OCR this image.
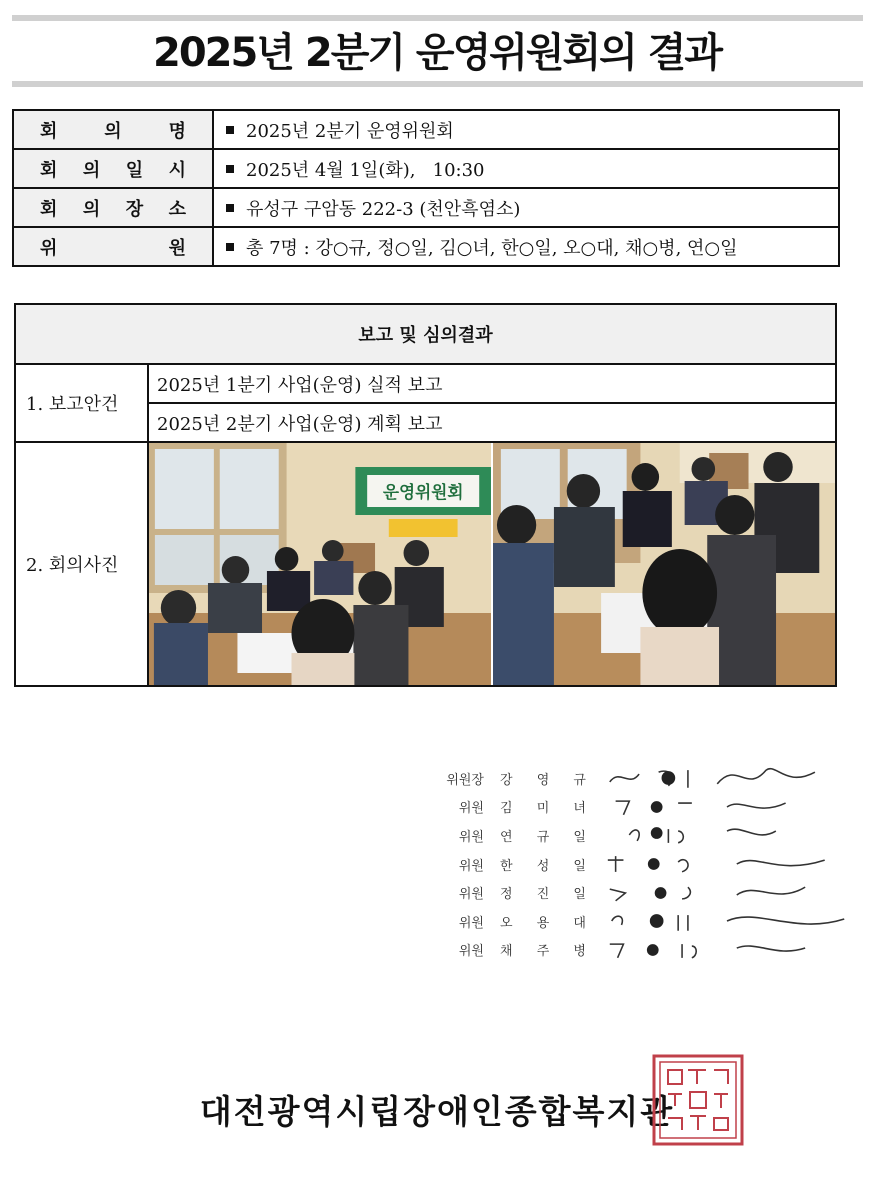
2025년 2분기 운영위원회의 결과
회 의 명	2025년 2분기 운영위원회
회 의 일 시	2025년 4월 1일(화),   10:30
회 의 장 소	유성구 구암동 222-3 (천안흑염소)
위 원	총 7명 : 강○규, 정○일, 김○녀, 한○일, 오○대, 채○병, 연○일
보고 및 심의결과	
1. 보고안건	2025년 1분기 사업(운영) 실적 보고
	2025년 2분기 사업(운영) 계획 보고
2. 회의사진	운영위원회
위원장	강 영 규
위원	김 미 녀
위원	연 규 일
위원	한 성 일
위원	정 진 일
위원	오 용 대
위원	채 주 병
대전광역시립장애인종합복지관
